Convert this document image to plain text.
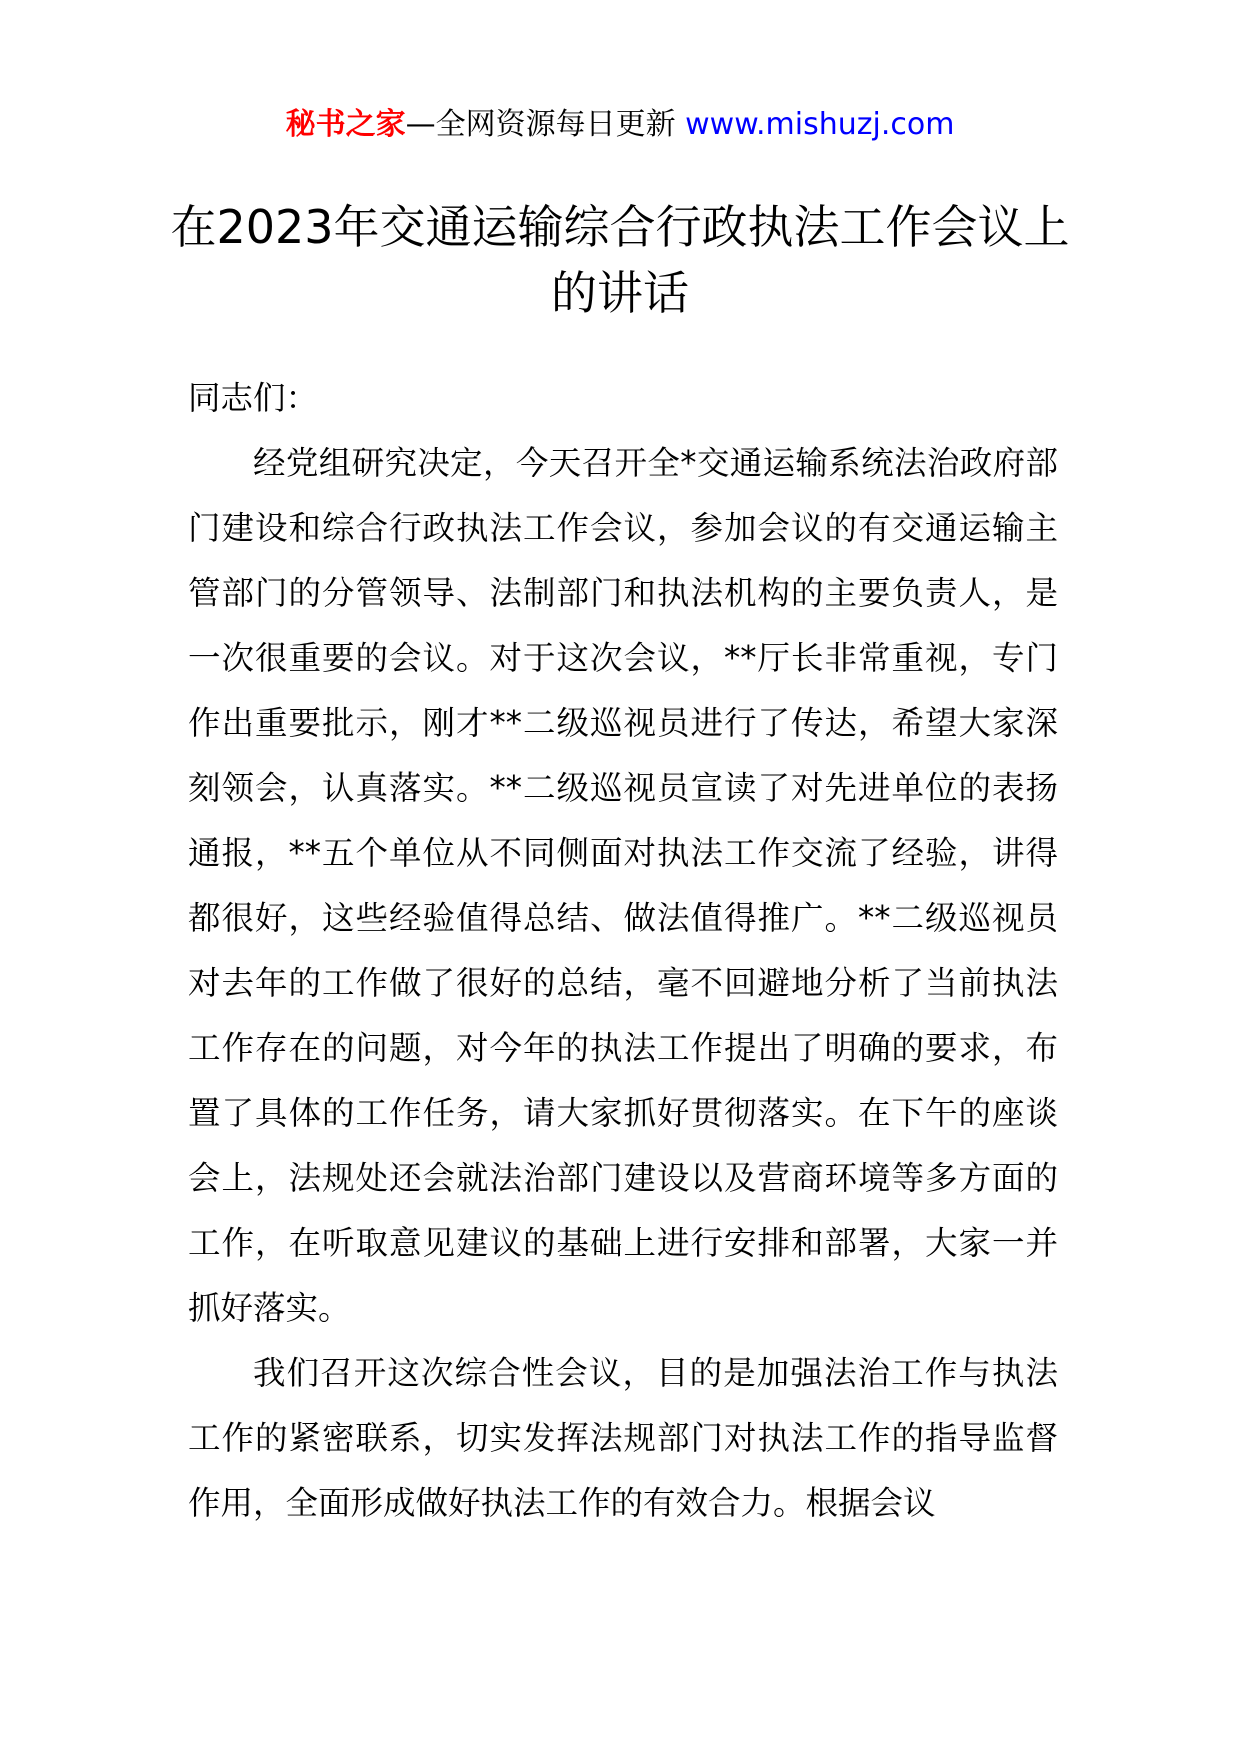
秘书之家—全网资源每日更新 www.mishuzj.com
在2023年交通运输综合行政执法工作会议上的讲话

同志们：

经党组研究决定，今天召开全*交通运输系统法治政府部门建设和综合行政执法工作会议，参加会议的有交通运输主管部门的分管领导、法制部门和执法机构的主要负责人，是一次很重要的会议。对于这次会议，**厅长非常重视，专门作出重要批示，刚才**二级巡视员进行了传达，希望大家深刻领会，认真落实。**二级巡视员宣读了对先进单位的表扬通报，**五个单位从不同侧面对执法工作交流了经验，讲得都很好，这些经验值得总结、做法值得推广。**二级巡视员对去年的工作做了很好的总结，毫不回避地分析了当前执法工作存在的问题，对今年的执法工作提出了明确的要求，布置了具体的工作任务，请大家抓好贯彻落实。在下午的座谈会上，法规处还会就法治部门建设以及营商环境等多方面的工作，在听取意见建议的基础上进行安排和部署，大家一并抓好落实。

我们召开这次综合性会议，目的是加强法治工作与执法工作的紧密联系，切实发挥法规部门对执法工作的指导监督作用，全面形成做好执法工作的有效合力。根据会议
